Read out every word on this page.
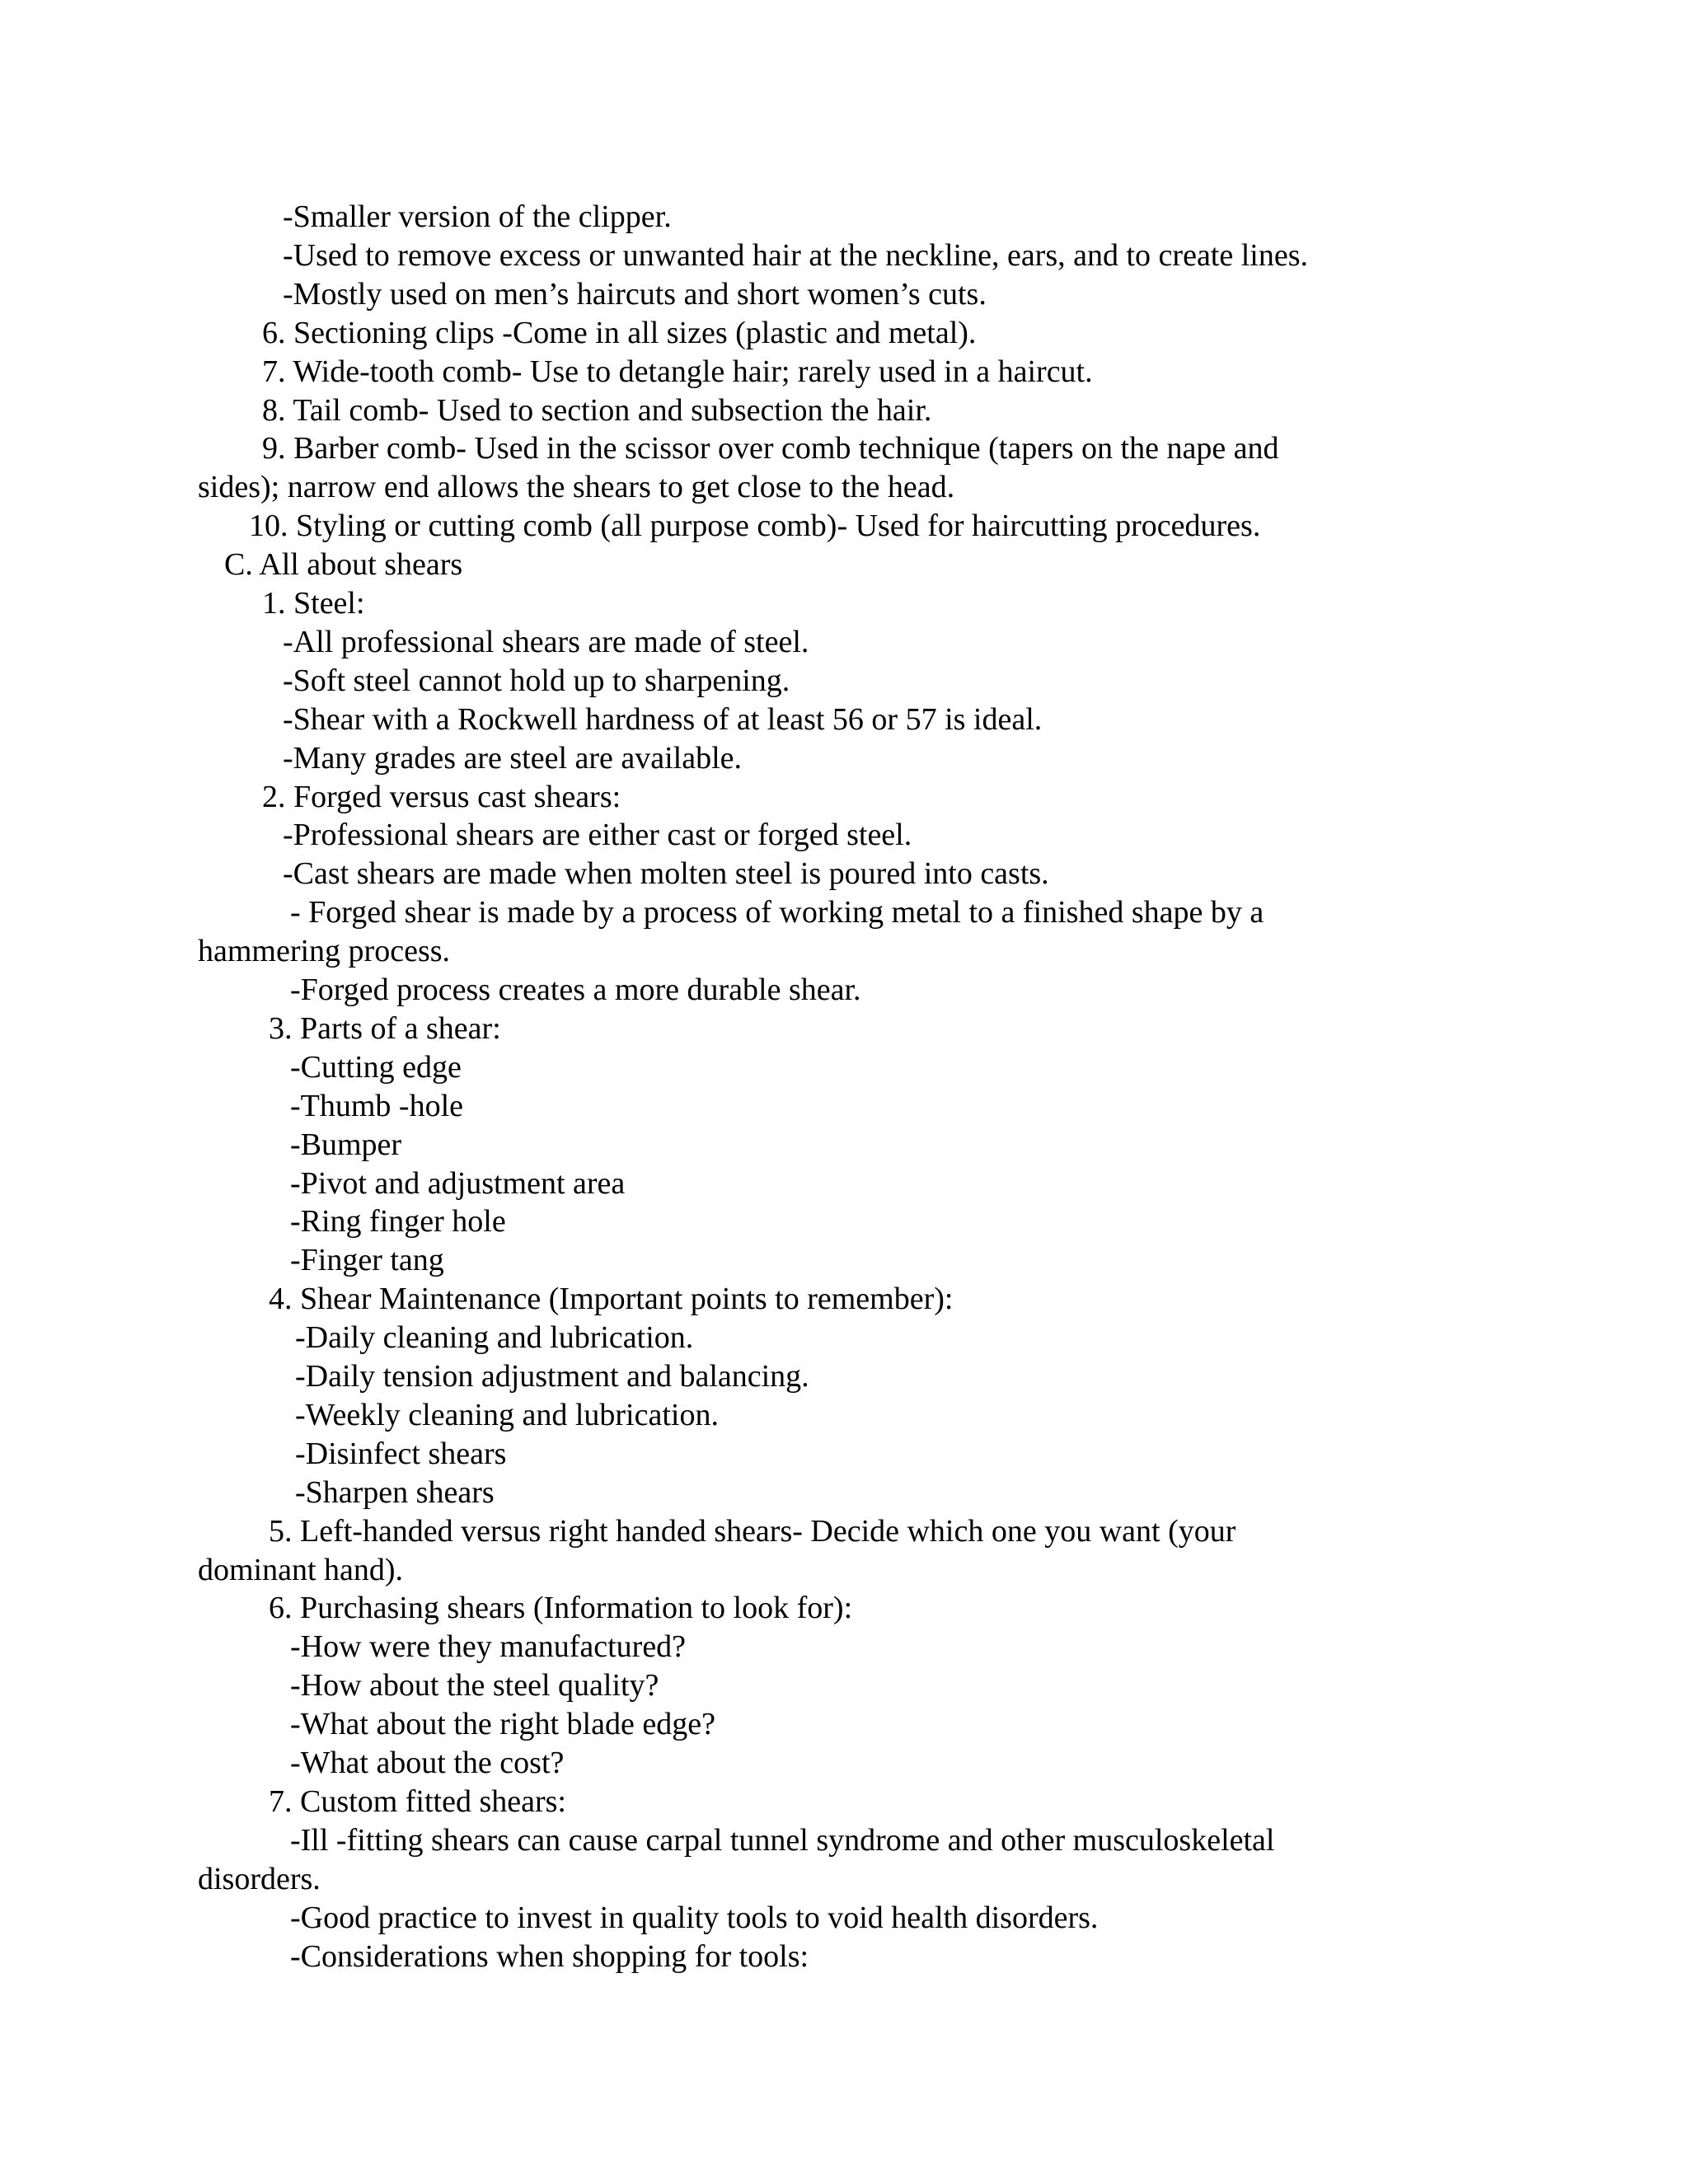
-Smaller version of the clipper.
-Used to remove excess or unwanted hair at the neckline, ears, and to create lines.
-Mostly used on men’s haircuts and short women’s cuts.
6. Sectioning clips -Come in all sizes (plastic and metal).
7. Wide-tooth comb- Use to detangle hair; rarely used in a haircut.
8. Tail comb- Used to section and subsection the hair.
9. Barber comb- Used in the scissor over comb technique (tapers on the nape and
sides); narrow end allows the shears to get close to the head.
10. Styling or cutting comb (all purpose comb)- Used for haircutting procedures.
C. All about shears
1. Steel:
-All professional shears are made of steel.
-Soft steel cannot hold up to sharpening.
-Shear with a Rockwell hardness of at least 56 or 57 is ideal.
-Many grades are steel are available.
2. Forged versus cast shears:
-Professional shears are either cast or forged steel.
-Cast shears are made when molten steel is poured into casts.
- Forged shear is made by a process of working metal to a finished shape by a
hammering process.
-Forged process creates a more durable shear.
3. Parts of a shear:
-Cutting edge
-Thumb -hole
-Bumper
-Pivot and adjustment area
-Ring finger hole
-Finger tang
4. Shear Maintenance (Important points to remember):
-Daily cleaning and lubrication.
-Daily tension adjustment and balancing.
-Weekly cleaning and lubrication.
-Disinfect shears
-Sharpen shears
5. Left-handed versus right handed shears- Decide which one you want (your
dominant hand).
6. Purchasing shears (Information to look for):
-How were they manufactured?
-How about the steel quality?
-What about the right blade edge?
-What about the cost?
7. Custom fitted shears:
-Ill -fitting shears can cause carpal tunnel syndrome and other musculoskeletal
disorders.
-Good practice to invest in quality tools to void health disorders.
-Considerations when shopping for tools:
